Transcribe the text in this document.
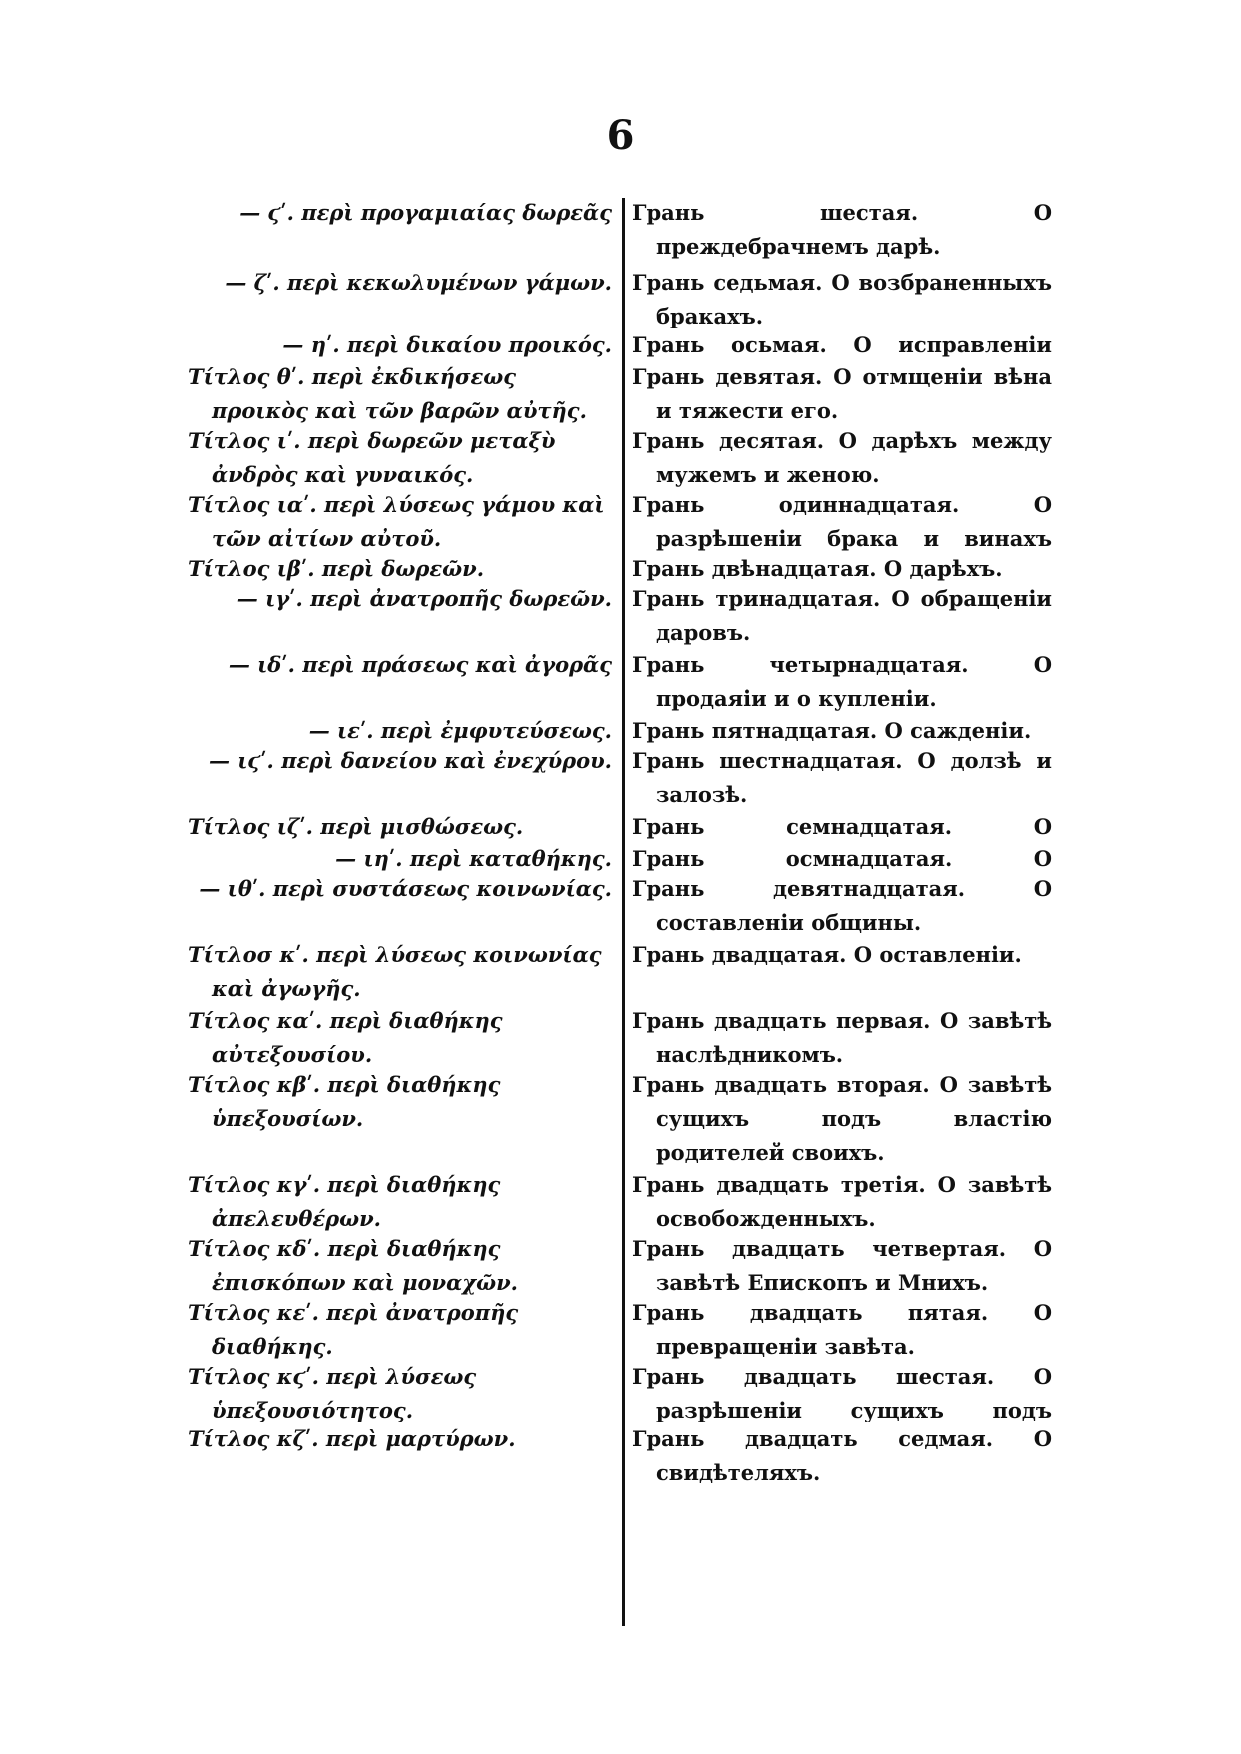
6
— ϛʹ. περὶ προγαμιαίας δωρεᾶς
— ζʹ. περὶ κεκωλυμένων γάμων.
— ηʹ. περὶ δικαίου προικός.
Τίτλος θʹ. περὶ ἐκδικήσεως προικὸς καὶ τῶν βαρῶν αὐτῆς.
Τίτλος ιʹ. περὶ δωρεῶν μεταξὺ ἀνδρὸς καὶ γυναικός.
Τίτλος ιαʹ. περὶ λύσεως γάμου καὶ τῶν αἰτίων αὐτοῦ.
Τίτλος ιβʹ. περὶ δωρεῶν.
— ιγʹ. περὶ ἀνατροπῆς δωρεῶν.
— ιδʹ. περὶ πράσεως καὶ ἀγορᾶς
— ιεʹ. περὶ ἐμφυτεύσεως.
— ιϛʹ. περὶ δανείου καὶ ἐνεχύρου.
Τίτλος ιζʹ. περὶ μισθώσεως.
— ιηʹ. περὶ καταθήκης.
— ιθʹ. περὶ συστάσεως κοινωνίας.
Τίτλοσ κʹ. περὶ λύσεως κοινωνίας καὶ ἀγωγῆς.
Τίτλος καʹ. περὶ διαθήκης αὐτεξουσίου.
Τίτλος κβʹ. περὶ διαθήκης ὑπεξουσίων.
Τίτλος κγʹ. περὶ διαθήκης ἀπελευθέρων.
Τίτλος κδʹ. περὶ διαθήκης ἐπισκόπων καὶ μοναχῶν.
Τίτλος κεʹ. περὶ ἀνατροπῆς διαθήκης.
Τίτλος κϛʹ. περὶ λύσεως ὑπεξουσιότητος.
Τίτλος κζʹ. περὶ μαρτύρων.
Грань шестая. О преждебрачнемъ дарѣ.
Грань седьмая. О возбраненныхъ бракахъ.
Грань осьмая. О исправленіи
Грань девятая. О отмщеніи вѣна и тяжести его.
Грань десятая. О дарѣхъ между мужемъ и женою.
Грань одиннадцатая. О разрѣшеніи брака и винахъ
Грань двѣнадцатая. О дарѣхъ.
Грань тринадцатая. О обращеніи даровъ.
Грань четырнадцатая. О продаяіи и о купленіи.
Грань пятнадцатая. О сажденіи.
Грань шестнадцатая. О долзѣ и залозѣ.
Грань семнадцатая. О
Грань осмнадцатая. О
Грань девятнадцатая. О составленіи общины.
Грань двадцатая. О оставленіи.
Грань двадцать первая. О завѣтѣ наслѣдникомъ.
Грань двадцать вторая. О завѣтѣ сущихъ подъ властію родителей своихъ.
Грань двадцать третія. О завѣтѣ освобожденныхъ.
Грань двадцать четвертая. О завѣтѣ Епископъ и Мнихъ.
Грань двадцать пятая. О превращеніи завѣта.
Грань двадцать шестая. О разрѣшеніи сущихъ подъ
Грань двадцать седмая. О свидѣтеляхъ.
